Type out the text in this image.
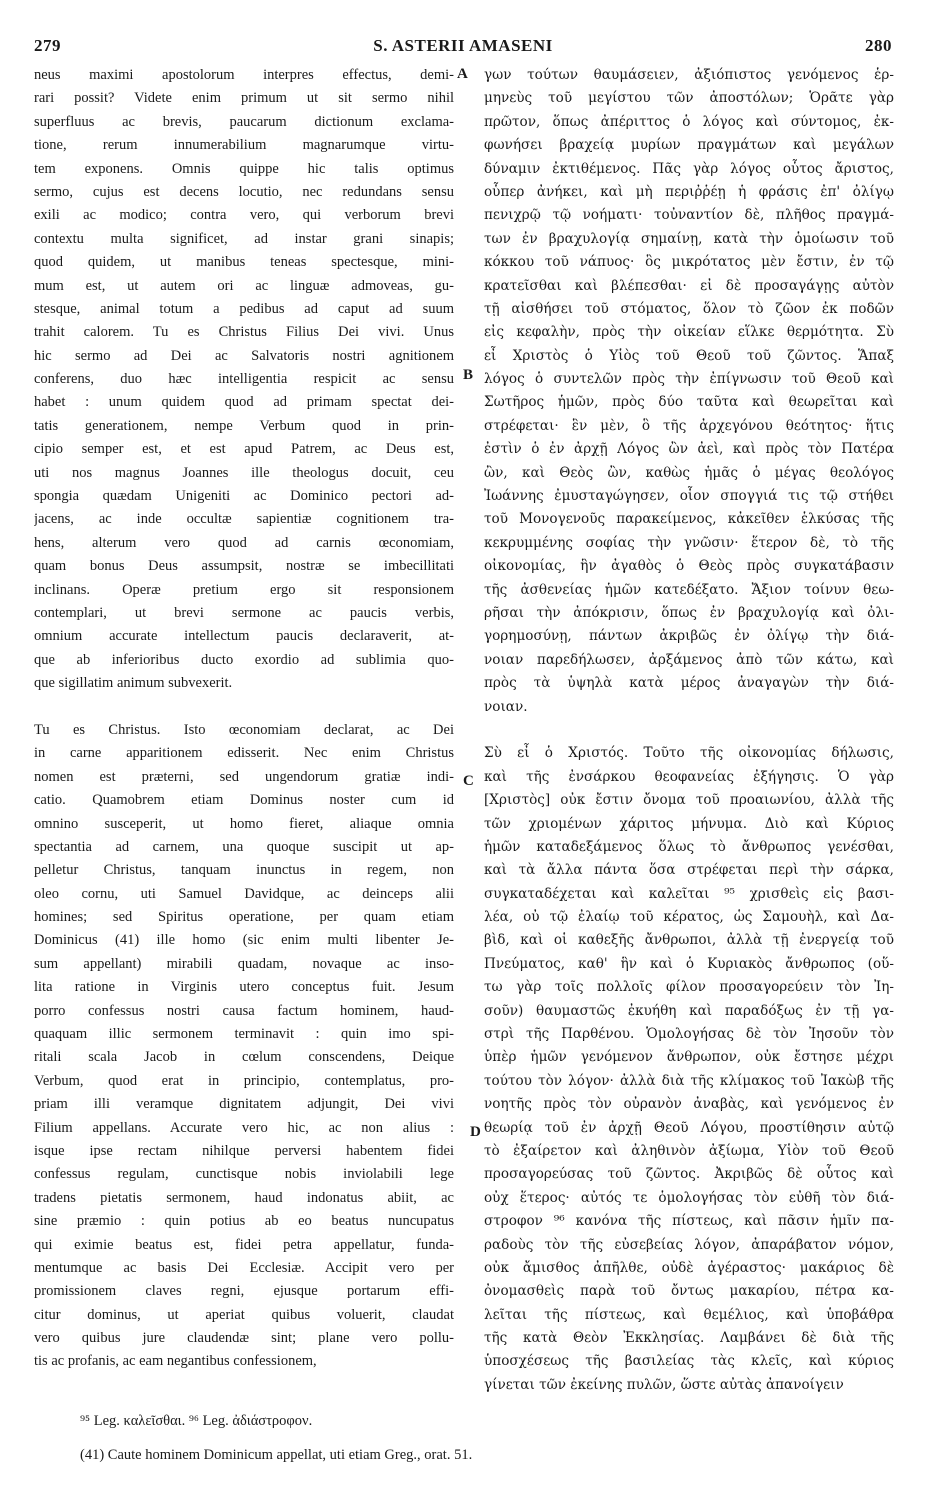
279	S. ASTERII AMASENI	280
A
B
C
D
neus maximi apostolorum interpres effectus, demi-
rari possit? Videte enim primum ut sit sermo nihil
superfluus ac brevis, paucarum dictionum exclama-
tione, rerum innumerabilium magnarumque virtu-
tem exponens. Omnis quippe hic talis optimus
sermo, cujus est decens locutio, nec redundans sensu
exili ac modico; contra vero, qui verborum brevi
contextu multa significet, ad instar grani sinapis;
quod quidem, ut manibus teneas spectesque, mini-
mum est, ut autem ori ac linguæ admoveas, gu-
stesque, animal totum a pedibus ad caput ad suum
trahit calorem. Tu es Christus Filius Dei vivi. Unus
hic sermo ad Dei ac Salvatoris nostri agnitionem
conferens, duo hæc intelligentia respicit ac sensu
habet : unum quidem quod ad primam spectat dei-
tatis generationem, nempe Verbum quod in prin-
cipio semper est, et est apud Patrem, ac Deus est,
uti nos magnus Joannes ille theologus docuit, ceu
spongia quædam Unigeniti ac Dominico pectori ad-
jacens, ac inde occultæ sapientiæ cognitionem tra-
hens, alterum vero quod ad carnis œconomiam,
quam bonus Deus assumpsit, nostræ se imbecillitati
inclinans. Operæ pretium ergo sit responsionem
contemplari, ut brevi sermone ac paucis verbis,
omnium accurate intellectum paucis declaraverit, at-
que ab inferioribus ducto exordio ad sublimia quo-
que sigillatim animum subvexerit.
Tu es Christus. Isto œconomiam declarat, ac Dei
in carne apparitionem edisserit. Nec enim Christus
nomen est præterni, sed ungendorum gratiæ indi-
catio. Quamobrem etiam Dominus noster cum id
omnino susceperit, ut homo fieret, aliaque omnia
spectantia ad carnem, una quoque suscipit ut ap-
pelletur Christus, tanquam inunctus in regem, non
oleo cornu, uti Samuel Davidque, ac deinceps alii
homines; sed Spiritus operatione, per quam etiam
Dominicus (41) ille homo (sic enim multi libenter Je-
sum appellant) mirabili quadam, novaque ac inso-
lita ratione in Virginis utero conceptus fuit. Jesum
porro confessus nostri causa factum hominem, haud-
quaquam illic sermonem terminavit : quin imo spi-
ritali scala Jacob in cœlum conscendens, Deique
Verbum, quod erat in principio, contemplatus, pro-
priam illi veramque dignitatem adjungit, Dei vivi
Filium appellans. Accurate vero hic, ac non alius :
isque ipse rectam nihilque perversi habentem fidei
confessus regulam, cunctisque nobis inviolabili lege
tradens pietatis sermonem, haud indonatus abiit, ac
sine præmio : quin potius ab eo beatus nuncupatus
qui eximie beatus est, fidei petra appellatur, funda-
mentumque ac basis Dei Ecclesiæ. Accipit vero per
promissionem claves regni, ejusque portarum effi-
citur dominus, ut aperiat quibus voluerit, claudat
vero quibus jure claudendæ sint; plane vero pollu-
tis ac profanis, ac eam negantibus confessionem,
γων τούτων θαυμάσειεν, ἀξιόπιστος γενόμενος ἑρ-
μηνεὺς τοῦ μεγίστου τῶν ἀποστόλων; Ὁρᾶτε γὰρ
πρῶτον, ὅπως ἀπέριττος ὁ λόγος καὶ σύντομος, ἐκ-
φωνήσει βραχείᾳ μυρίων πραγμάτων καὶ μεγάλων
δύναμιν ἐκτιθέμενος. Πᾶς γὰρ λόγος οὗτος ἄριστος,
οὗπερ ἀνήκει, καὶ μὴ περιῤῥέῃ ἡ φράσις ἐπ' ὀλίγῳ
πενιχρῷ τῷ νοήματι· τοὐναντίον δὲ, πλῆθος πραγμά-
των ἐν βραχυλογίᾳ σημαίνῃ, κατὰ τὴν ὁμοίωσιν τοῦ
κόκκου τοῦ νάπυος· ὃς μικρότατος μὲν ἔστιν, ἐν τῷ
κρατεῖσθαι καὶ βλέπεσθαι· εἰ δὲ προσαγάγῃς αὐτὸν
τῇ αἰσθήσει τοῦ στόματος, ὅλον τὸ ζῶον ἐκ ποδῶν
εἰς κεφαλὴν, πρὸς τὴν οἰκείαν εἵλκε θερμότητα. Σὺ
εἶ Χριστὸς ὁ Υἱὸς τοῦ Θεοῦ τοῦ ζῶντος. Ἅπαξ
λόγος ὁ συντελῶν πρὸς τὴν ἐπίγνωσιν τοῦ Θεοῦ καὶ
Σωτῆρος ἡμῶν, πρὸς δύο ταῦτα καὶ θεωρεῖται καὶ
στρέφεται· ἓν μὲν, ὃ τῆς ἀρχεγόνου θεότητος· ἥτις
ἐστὶν ὁ ἐν ἀρχῇ Λόγος ὢν ἀεὶ, καὶ πρὸς τὸν Πατέρα
ὢν, καὶ Θεὸς ὢν, καθὼς ἡμᾶς ὁ μέγας θεολόγος
Ἰωάννης ἐμυσταγώγησεν, οἷον σπογγιά τις τῷ στήθει
τοῦ Μονογενοῦς παρακείμενος, κἀκεῖθεν ἑλκύσας τῆς
κεκρυμμένης σοφίας τὴν γνῶσιν· ἕτερον δὲ, τὸ τῆς
οἰκονομίας, ἣν ἀγαθὸς ὁ Θεὸς πρὸς συγκατάβασιν
τῆς ἀσθενείας ἡμῶν κατεδέξατο. Ἄξιον τοίνυν θεω-
ρῆσαι τὴν ἀπόκρισιν, ὅπως ἐν βραχυλογίᾳ καὶ ὀλι-
γορημοσύνῃ, πάντων ἀκριβῶς ἐν ὀλίγῳ τὴν διά-
νοιαν παρεδήλωσεν, ἀρξάμενος ἀπὸ τῶν κάτω, καὶ
πρὸς τὰ ὑψηλὰ κατὰ μέρος ἀναγαγὼν τὴν διά-
νοιαν.
Σὺ εἶ ὁ Χριστός. Τοῦτο τῆς οἰκονομίας δήλωσις,
καὶ τῆς ἐνσάρκου θεοφανείας ἐξήγησις. Ὁ γὰρ
[Χριστὸς] οὐκ ἔστιν ὄνομα τοῦ προαιωνίου, ἀλλὰ τῆς
τῶν χριομένων χάριτος μήνυμα. Διὸ καὶ Κύριος
ἡμῶν καταδεξάμενος ὅλως τὸ ἄνθρωπος γενέσθαι,
καὶ τὰ ἄλλα πάντα ὅσα στρέφεται περὶ τὴν σάρκα,
συγκαταδέχεται καὶ καλεῖται ⁹⁵ χρισθεὶς εἰς βασι-
λέα, οὐ τῷ ἐλαίῳ τοῦ κέρατος, ὡς Σαμουὴλ, καὶ Δα-
βὶδ, καὶ οἱ καθεξῆς ἄνθρωποι, ἀλλὰ τῇ ἐνεργείᾳ τοῦ
Πνεύματος, καθ' ἣν καὶ ὁ Κυριακὸς ἄνθρωπος (οὕ-
τω γὰρ τοῖς πολλοῖς φίλον προσαγορεύειν τὸν Ἰη-
σοῦν) θαυμαστῶς ἐκυήθη καὶ παραδόξως ἐν τῇ γα-
στρὶ τῆς Παρθένου. Ὁμολογήσας δὲ τὸν Ἰησοῦν τὸν
ὑπὲρ ἡμῶν γενόμενον ἄνθρωπον, οὐκ ἔστησε μέχρι
τούτου τὸν λόγον· ἀλλὰ διὰ τῆς κλίμακος τοῦ Ἰακὼβ τῆς
νοητῆς πρὸς τὸν οὐρανὸν ἀναβὰς, καὶ γενόμενος ἐν
θεωρίᾳ τοῦ ἐν ἀρχῇ Θεοῦ Λόγου, προστίθησιν αὐτῷ
τὸ ἐξαίρετον καὶ ἀληθινὸν ἀξίωμα, Υἱὸν τοῦ Θεοῦ
προσαγορεύσας τοῦ ζῶντος. Ἀκριβῶς δὲ οὗτος καὶ
οὐχ ἕτερος· αὐτός τε ὁμολογήσας τὸν εὐθῆ τὸν διά-
στροφον ⁹⁶ κανόνα τῆς πίστεως, καὶ πᾶσιν ἡμῖν πα-
ραδοὺς τὸν τῆς εὐσεβείας λόγον, ἀπαράβατον νόμον,
οὐκ ἄμισθος ἀπῆλθε, οὐδὲ ἀγέραστος· μακάριος δὲ
ὀνομασθεὶς παρὰ τοῦ ὄντως μακαρίου, πέτρα κα-
λεῖται τῆς πίστεως, καὶ θεμέλιος, καὶ ὑποβάθρα
τῆς κατὰ Θεὸν Ἐκκλησίας. Λαμβάνει δὲ διὰ τῆς
ὑποσχέσεως τῆς βασιλείας τὰς κλεῖς, καὶ κύριος
γίνεται τῶν ἐκείνης πυλῶν, ὥστε αὐτὰς ἀπανοίγειν
⁹⁵ Leg. καλεῖσθαι. ⁹⁶ Leg. ἀδιάστροφον.
(41) Caute hominem Dominicum appellat, uti etiam Greg., orat. 51.
